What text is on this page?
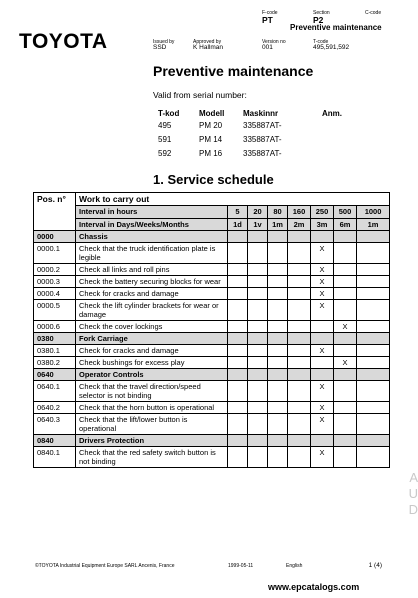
TOYOTA
F-code
PT
Section
P2
C-code
Preventive maintenance
Issued by
SSD
Approved by
K Hallman
Version no
001
T-code
495,591,592
Preventive maintenance
Valid from serial number:
T-kod Modell Maskinnr	Anm.
495	PM 20	335887AT-
591	PM 14	335887AT-
592	PM 16	335887AT-
1. Service schedule
Pos. n°	Work to carry out							
	Interval in hours	5	20	80	160	250	500	1000
	Interval in Days/Weeks/Months	1d	1v	1m	2m	3m	6m	1m
0000	Chassis							
0000.1	Check that the truck identification plate is legible					X		
0000.2	Check all links and roll pins					X		
0000.3	Check the battery securing blocks for wear					X		
0000.4	Check for cracks and damage					X		
0000.5	Check the lift cylinder brackets for wear or damage					X		
0000.6	Check the cover lockings						X	
0380	Fork Carriage							
0380.1	Check for cracks and damage					X		
0380.2	Check bushings for excess play						X	
0640	Operator Controls							
0640.1	Check that the travel direction/speed selector is not binding					X		
0640.2	Check that the horn button is operational					X		
0640.3	Check that the lift/lower button is operational					X		
0840	Drivers Protection							
0840.1	Check that the red safety switch button is not binding					X		
©TOYOTA Industrial Equipment Europe SARL Ancenis, France	1999-05-11	English	1 (4)
www.epcatalogs.com
A U D
